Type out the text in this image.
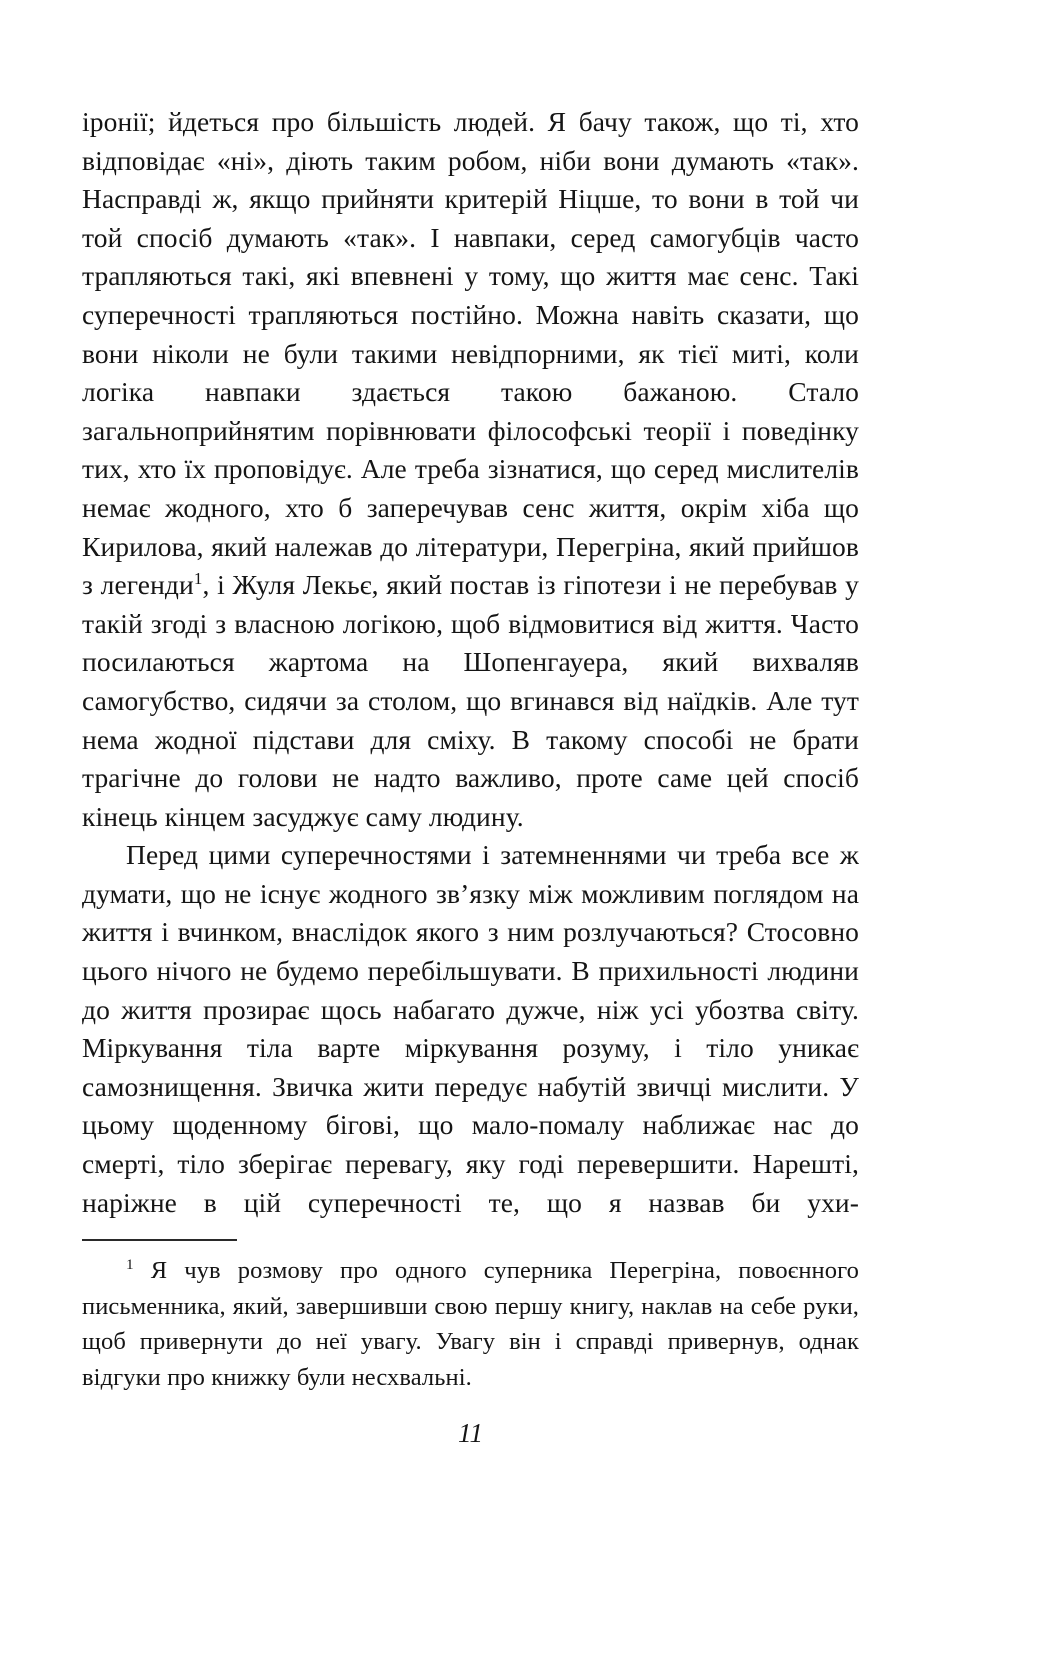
іронії; йдеться про більшість людей. Я бачу також, що ті, хто відповідає «ні», діють таким робом, ніби вони думають «так». Насправді ж, якщо прийняти критерій Ніцше, то вони в той чи той спосіб думають «так». І навпаки, серед самогубців часто трапляються такі, які впевнені у тому, що життя має сенс. Такі суперечності трапляються постійно. Можна навіть сказати, що вони ніколи не були такими невідпорними, як тієї миті, коли логіка навпаки здається такою бажаною. Стало загальноприйнятим порівнювати філософські теорії і поведінку тих, хто їх проповідує. Але треба зізнатися, що серед мислителів немає жодного, хто б заперечував сенс життя, окрім хіба що Кирилова, який належав до літератури, Перегріна, який прийшов з легенди$^1$, і Жуля Лекьє, який постав із гіпотези і не перебував у такій згоді з власною логікою, щоб відмовитися від життя. Часто посилаються жартома на Шопенгауера, який вихваляв самогубство, сидячи за столом, що вгинався від наїдків. Але тут нема жодної підстави для сміху. В такому способі не брати трагічне до голови не надто важливо, проте саме цей спосіб кінець кінцем засуджує саму людину.

Перед цими суперечностями і затемненнями чи треба все ж думати, що не існує жодного зв’язку між можливим поглядом на життя і вчинком, внаслідок якого з ним розлучаються? Стосовно цього нічого не будемо перебільшувати. В прихильності людини до життя прозирає щось набагато дужче, ніж усі убозтва світу. Міркування тіла варте міркування розуму, і тіло уникає самознищення. Звичка жити передує набутій звичці мислити. У цьому щоденному бігові, що мало-помалу наближає нас до смерті, тіло зберігає перевагу, яку годі перевершити. Нарешті, наріжне в цій суперечності те, що я назвав би ухи-

$^1$ Я чув розмову про одного суперника Перегріна, повоєнного письменника, який, завершивши свою першу книгу, наклав на себе руки, щоб привернути до неї увагу. Увагу він і справді привернув, однак відгуки про книжку були несхвальні.

11
